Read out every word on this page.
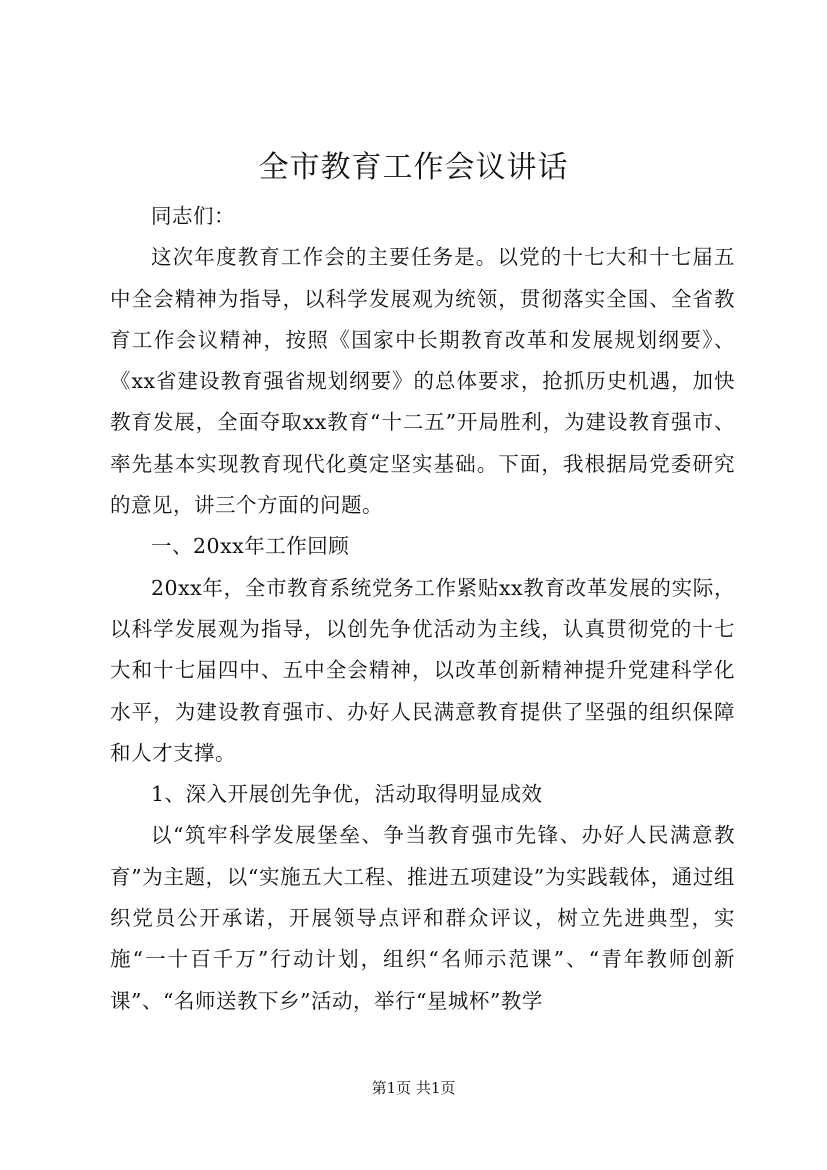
全市教育工作会议讲话

同志们：

这次年度教育工作会的主要任务是。以党的十七大和十七届五中全会精神为指导，以科学发展观为统领，贯彻落实全国、全省教育工作会议精神，按照《国家中长期教育改革和发展规划纲要》、《xx省建设教育强省规划纲要》的总体要求，抢抓历史机遇，加快教育发展，全面夺取xx教育“十二五”开局胜利，为建设教育强市、率先基本实现教育现代化奠定坚实基础。下面，我根据局党委研究的意见，讲三个方面的问题。

一、20xx年工作回顾

20xx年，全市教育系统党务工作紧贴xx教育改革发展的实际，以科学发展观为指导，以创先争优活动为主线，认真贯彻党的十七大和十七届四中、五中全会精神，以改革创新精神提升党建科学化水平，为建设教育强市、办好人民满意教育提供了坚强的组织保障和人才支撑。

1、深入开展创先争优，活动取得明显成效

以“筑牢科学发展堡垒、争当教育强市先锋、办好人民满意教育”为主题，以“实施五大工程、推进五项建设”为实践载体，通过组织党员公开承诺，开展领导点评和群众评议，树立先进典型，实施“一十百千万”行动计划，组织“名师示范课”、“青年教师创新课”、“名师送教下乡”活动，举行“星城杯”教学

第1页 共1页
